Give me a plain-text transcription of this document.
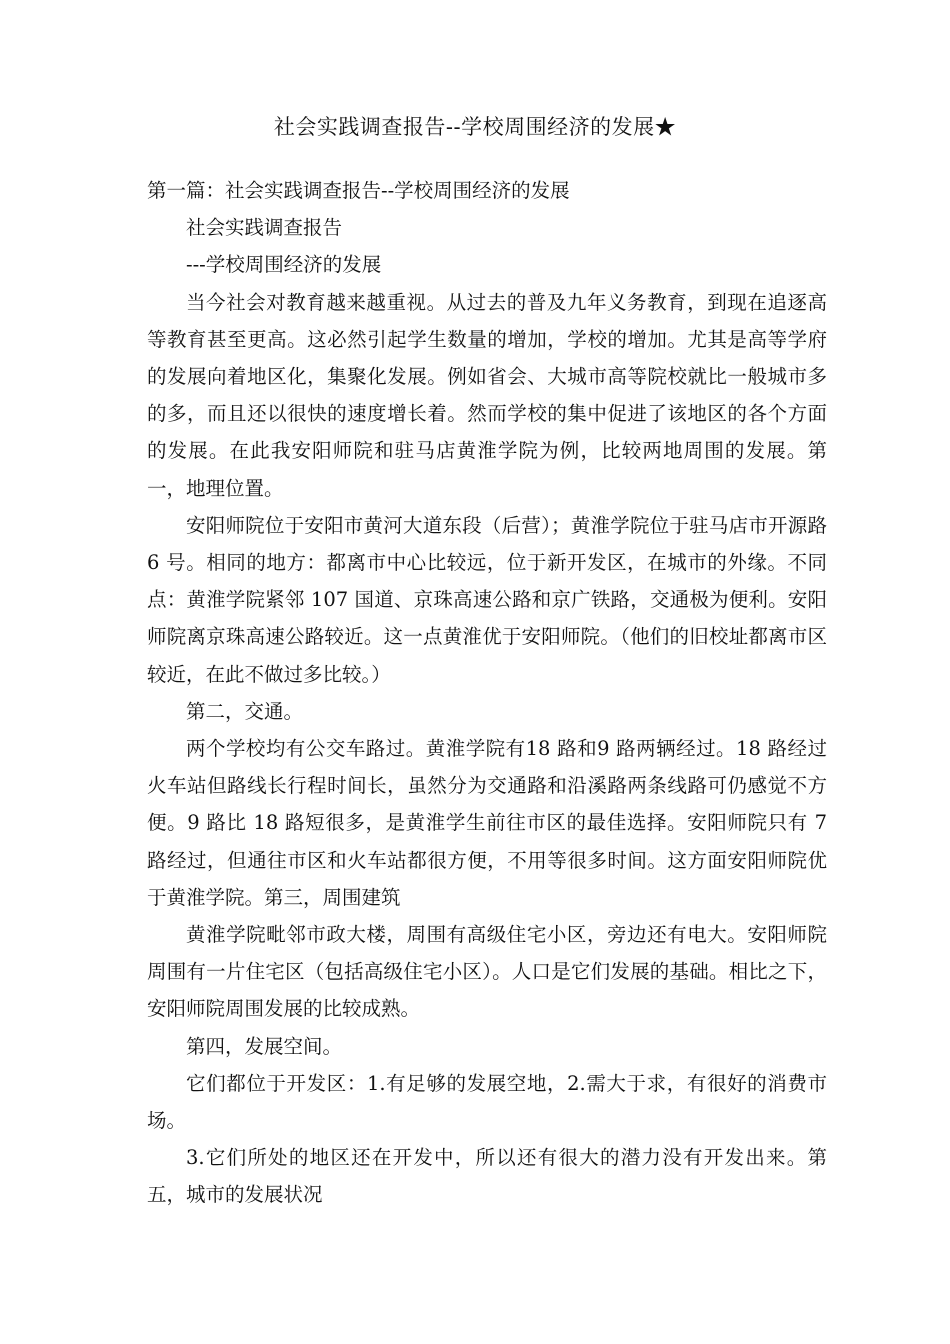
社会实践调查报告--学校周围经济的发展★

第一篇：社会实践调查报告--学校周围经济的发展

社会实践调查报告

---学校周围经济的发展

当今社会对教育越来越重视。从过去的普及九年义务教育，到现在追逐高等教育甚至更高。这必然引起学生数量的增加，学校的增加。尤其是高等学府的发展向着地区化，集聚化发展。例如省会、大城市高等院校就比一般城市多的多，而且还以很快的速度增长着。然而学校的集中促进了该地区的各个方面的发展。在此我安阳师院和驻马店黄淮学院为例，比较两地周围的发展。第一，地理位置。

安阳师院位于安阳市黄河大道东段（后营）；黄淮学院位于驻马店市开源路 6 号。相同的地方：都离市中心比较远，位于新开发区，在城市的外缘。不同点：黄淮学院紧邻 107 国道、京珠高速公路和京广铁路，交通极为便利。安阳师院离京珠高速公路较近。这一点黄淮优于安阳师院。（他们的旧校址都离市区较近，在此不做过多比较。）

第二，交通。

两个学校均有公交车路过。黄淮学院有18 路和9 路两辆经过。18 路经过火车站但路线长行程时间长，虽然分为交通路和沿溪路两条线路可仍感觉不方便。9 路比 18 路短很多，是黄淮学生前往市区的最佳选择。安阳师院只有 7 路经过，但通往市区和火车站都很方便，不用等很多时间。这方面安阳师院优于黄淮学院。第三，周围建筑

黄淮学院毗邻市政大楼，周围有高级住宅小区，旁边还有电大。安阳师院周围有一片住宅区（包括高级住宅小区）。人口是它们发展的基础。相比之下，安阳师院周围发展的比较成熟。

第四，发展空间。

它们都位于开发区：1.有足够的发展空地，2.需大于求，有很好的消费市场。

3.它们所处的地区还在开发中，所以还有很大的潜力没有开发出来。第五，城市的发展状况
